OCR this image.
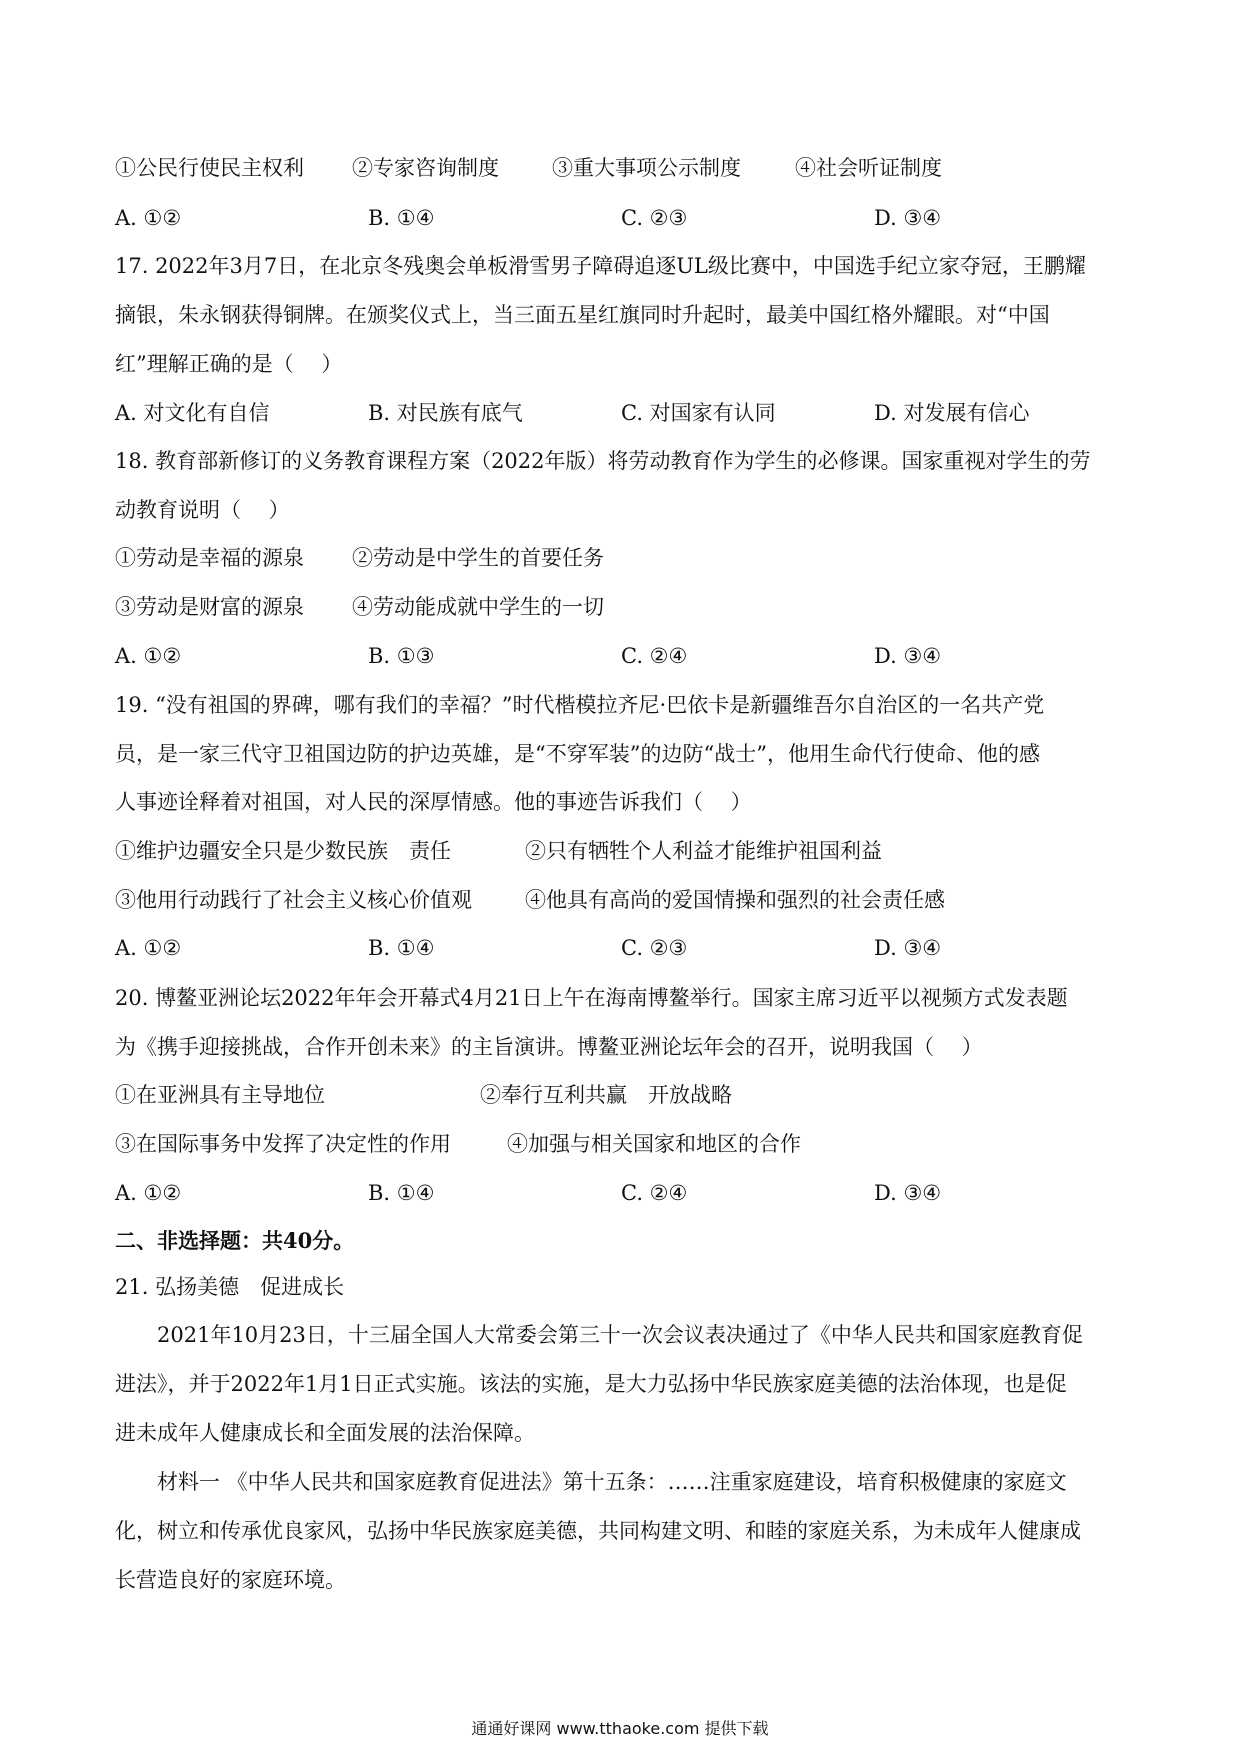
①公民行使民主权利 ②专家咨询制度	③重大事项公示制度	④社会听证制度
A. ①②	B. ①④	C. ②③	D. ③④
17. 2022年3月7日，在北京冬残奥会单板滑雪男子障碍追逐UL级比赛中，中国选手纪立家夺冠，王鹏耀
摘银，朱永钢获得铜牌。在颁奖仪式上，当三面五星红旗同时升起时，最美中国红格外耀眼。对“中国
红”理解正确的是（　 ）
A. 对文化有自信	B. 对民族有底气	C. 对国家有认同	D. 对发展有信心
18. 教育部新修订的义务教育课程方案（2022年版）将劳动教育作为学生的必修课。国家重视对学生的劳
动教育说明（　 ）
①劳动是幸福的源泉 ②劳动是中学生的首要任务
③劳动是财富的源泉 ④劳动能成就中学生的一切
A. ①②	B. ①③	C. ②④	D. ③④
19. “没有祖国的界碑，哪有我们的幸福？”时代楷模拉齐尼·巴依卡是新疆维吾尔自治区的一名共产党
员，是一家三代守卫祖国边防的护边英雄，是“不穿军装”的边防“战士”，他用生命代行使命、他的感
人事迹诠释着对祖国，对人民的深厚情感。他的事迹告诉我们（　 ）
①维护边疆安全只是少数民族　责任	②只有牺牲个人利益才能维护祖国利益
③他用行动践行了社会主义核心价值观	④他具有高尚的爱国情操和强烈的社会责任感
A. ①②	B. ①④	C. ②③	D. ③④
20. 博鳌亚洲论坛2022年年会开幕式4月21日上午在海南博鳌举行。国家主席习近平以视频方式发表题
为《携手迎接挑战，合作开创未来》的主旨演讲。博鳌亚洲论坛年会的召开，说明我国（　 ）
①在亚洲具有主导地位	②奉行互利共赢　开放战略
③在国际事务中发挥了决定性的作用	④加强与相关国家和地区的合作
A. ①②	B. ①④	C. ②④	D. ③④
二、非选择题：共40分。
21. 弘扬美德　促进成长
　　2021年10月23日，十三届全国人大常委会第三十一次会议表决通过了《中华人民共和国家庭教育促
进法》，并于2022年1月1日正式实施。该法的实施，是大力弘扬中华民族家庭美德的法治体现，也是促
进未成年人健康成长和全面发展的法治保障。
　　材料一 《中华人民共和国家庭教育促进法》第十五条：……注重家庭建设，培育积极健康的家庭文
化，树立和传承优良家风，弘扬中华民族家庭美德，共同构建文明、和睦的家庭关系，为未成年人健康成
长营造良好的家庭环境。
通通好课网 www.tthaoke.com 提供下载
